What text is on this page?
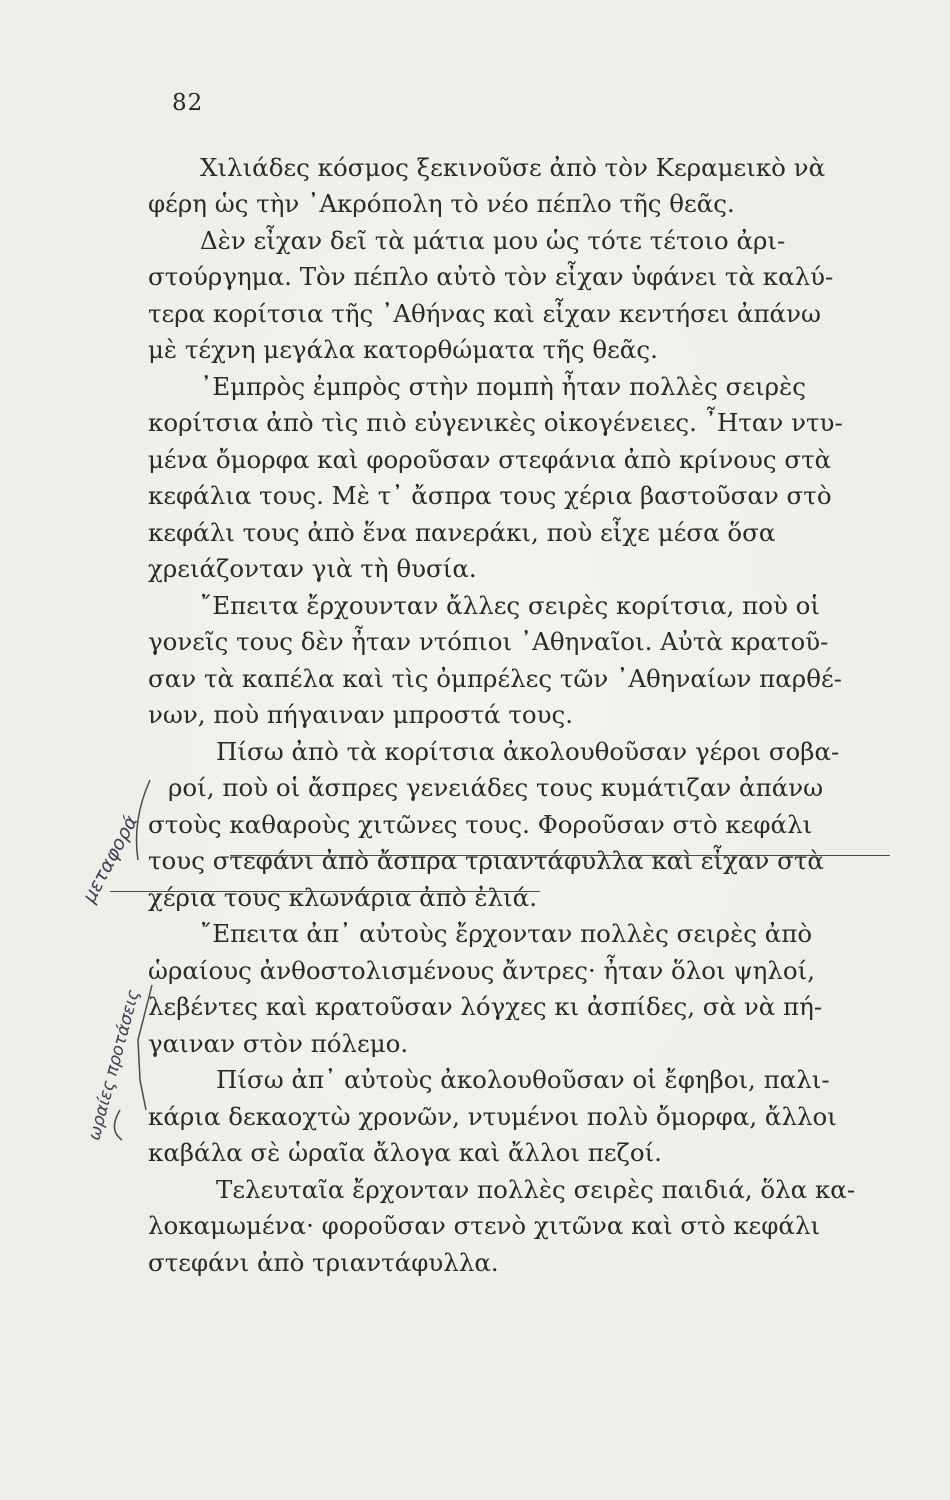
82
Χιλιάδες κόσμος ξεκινοῦσε ἀπὸ τὸν Κεραμεικὸ νὰ
φέρη ὡς τὴν ᾿Ακρόπολη τὸ νέο πέπλο τῆς θεᾶς.
Δὲν εἶχαν δεῖ τὰ μάτια μου ὡς τότε τέτοιο ἀρι-
στούργημα. Τὸν πέπλο αὐτὸ τὸν εἶχαν ὑφάνει τὰ καλύ-
τερα κορίτσια τῆς ᾿Αθήνας καὶ εἶχαν κεντήσει ἀπάνω
μὲ τέχνη μεγάλα κατορθώματα τῆς θεᾶς.
᾿Εμπρὸς ἐμπρὸς στὴν πομπὴ ἦταν πολλὲς σειρὲς
κορίτσια ἀπὸ τὶς πιὸ εὐγενικὲς οἰκογένειες. ῏Ηταν ντυ-
μένα ὄμορφα καὶ φοροῦσαν στεφάνια ἀπὸ κρίνους στὰ
κεφάλια τους. Μὲ τ᾿ ἄσπρα τους χέρια βαστοῦσαν στὸ
κεφάλι τους ἀπὸ ἕνα πανεράκι, ποὺ εἶχε μέσα ὅσα
χρειάζονταν γιὰ τὴ θυσία.
῎Επειτα ἔρχουνταν ἄλλες σειρὲς κορίτσια, ποὺ οἱ
γονεῖς τους δὲν ἦταν ντόπιοι ᾿Αθηναῖοι. Αὐτὰ κρατοῦ-
σαν τὰ καπέλα καὶ τὶς ὀμπρέλες τῶν ᾿Αθηναίων παρθέ-
νων, ποὺ πήγαιναν μπροστά τους.
Πίσω ἀπὸ τὰ κορίτσια ἀκολουθοῦσαν γέροι σοβα-
ροί, ποὺ οἱ ἄσπρες γενειάδες τους κυμάτιζαν ἀπάνω
στοὺς καθαροὺς χιτῶνες τους. Φοροῦσαν στὸ κεφάλι
τους στεφάνι ἀπὸ ἄσπρα τριαντάφυλλα καὶ εἶχαν στὰ
χέρια τους κλωνάρια ἀπὸ ἐλιά.
῎Επειτα ἀπ᾿ αὐτοὺς ἔρχονταν πολλὲς σειρὲς ἀπὸ
ὡραίους ἀνθοστολισμένους ἄντρες· ἦταν ὅλοι ψηλοί,
λεβέντες καὶ κρατοῦσαν λόγχες κι ἀσπίδες, σὰ νὰ πή-
γαιναν στὸν πόλεμο.
Πίσω ἀπ᾿ αὐτοὺς ἀκολουθοῦσαν οἱ ἔφηβοι, παλι-
κάρια δεκαοχτὼ χρονῶν, ντυμένοι πολὺ ὄμορφα, ἄλλοι
καβάλα σὲ ὡραῖα ἄλογα καὶ ἄλλοι πεζοί.
Τελευταῖα ἔρχονταν πολλὲς σειρὲς παιδιά, ὅλα κα-
λοκαμωμένα· φοροῦσαν στενὸ χιτῶνα καὶ στὸ κεφάλι
στεφάνι ἀπὸ τριαντάφυλλα.
μεταφορά
ωραίες προτάσεις
